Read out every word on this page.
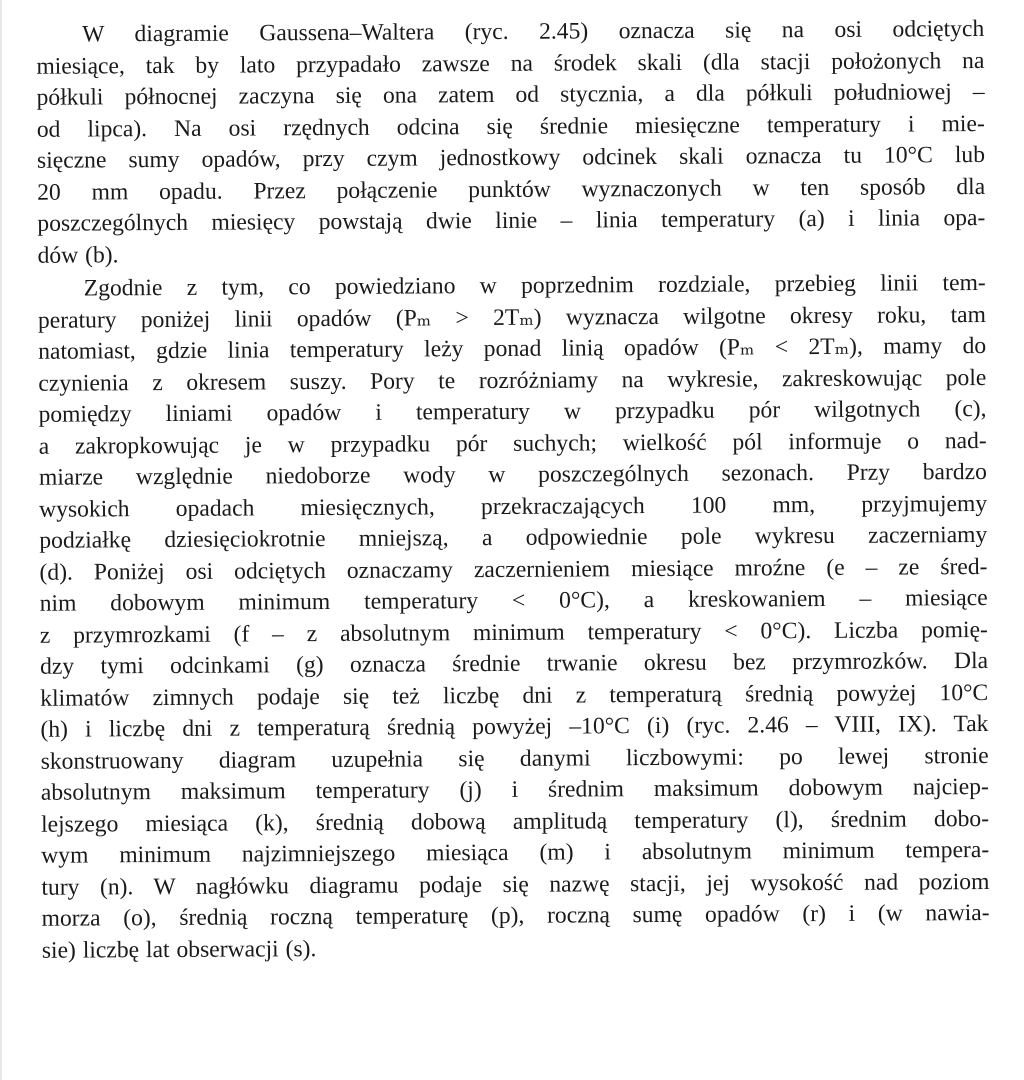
W diagramie Gaussena–Waltera (ryc. 2.45) oznacza się na osi odciętych
miesiące, tak by lato przypadało zawsze na środek skali (dla stacji położonych na
półkuli północnej zaczyna się ona zatem od stycznia, a dla półkuli południowej –
od lipca). Na osi rzędnych odcina się średnie miesięczne temperatury i mie-
sięczne sumy opadów, przy czym jednostkowy odcinek skali oznacza tu 10°C lub
20 mm opadu. Przez połączenie punktów wyznaczonych w ten sposób dla
poszczególnych miesięcy powstają dwie linie – linia temperatury (a) i linia opa-
dów (b).

Zgodnie z tym, co powiedziano w poprzednim rozdziale, przebieg linii tem-
peratury poniżej linii opadów (Pₘ > 2Tₘ) wyznacza wilgotne okresy roku, tam
natomiast, gdzie linia temperatury leży ponad linią opadów (Pₘ < 2Tₘ), mamy do
czynienia z okresem suszy. Pory te rozróżniamy na wykresie, zakreskowując pole
pomiędzy liniami opadów i temperatury w przypadku pór wilgotnych (c),
a zakropkowując je w przypadku pór suchych; wielkość pól informuje o nad-
miarze względnie niedoborze wody w poszczególnych sezonach. Przy bardzo
wysokich opadach miesięcznych, przekraczających 100 mm, przyjmujemy
podziałkę dziesięciokrotnie mniejszą, a odpowiednie pole wykresu zaczerniamy
(d). Poniżej osi odciętych oznaczamy zaczernieniem miesiące mroźne (e – ze śred-
nim dobowym minimum temperatury < 0°C), a kreskowaniem – miesiące
z przymrozkami (f – z absolutnym minimum temperatury < 0°C). Liczba pomię-
dzy tymi odcinkami (g) oznacza średnie trwanie okresu bez przymrozków. Dla
klimatów zimnych podaje się też liczbę dni z temperaturą średnią powyżej 10°C
(h) i liczbę dni z temperaturą średnią powyżej –10°C (i) (ryc. 2.46 – VIII, IX). Tak
skonstruowany diagram uzupełnia się danymi liczbowymi: po lewej stronie
absolutnym maksimum temperatury (j) i średnim maksimum dobowym najciep-
lejszego miesiąca (k), średnią dobową amplitudą temperatury (l), średnim dobo-
wym minimum najzimniejszego miesiąca (m) i absolutnym minimum tempera-
tury (n). W nagłówku diagramu podaje się nazwę stacji, jej wysokość nad poziom
morza (o), średnią roczną temperaturę (p), roczną sumę opadów (r) i (w nawia-
sie) liczbę lat obserwacji (s).
